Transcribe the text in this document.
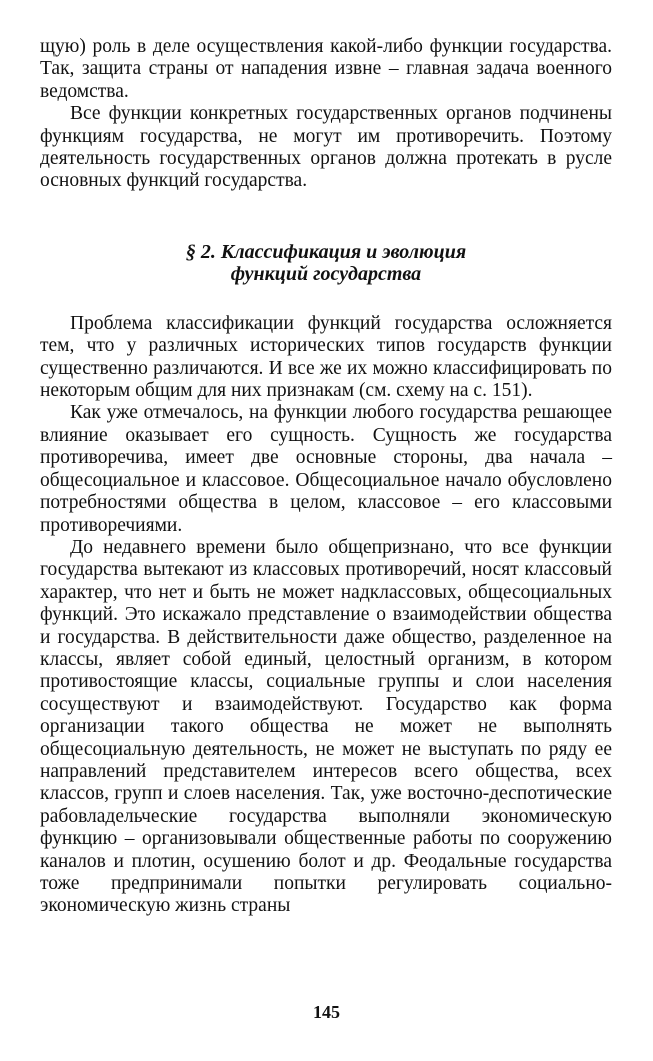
щую) роль в деле осуществления какой-либо функции государства. Так, защита страны от нападения извне – главная задача военного ведомства.

Все функции конкретных государственных органов подчинены функциям государства, не могут им противоречить. Поэтому деятельность государственных органов должна протекать в русле основных функций государства.

§ 2. Классификация и эволюция
функций государства

Проблема классификации функций государства осложняется тем, что у различных исторических типов государств функции существенно различаются. И все же их можно классифицировать по некоторым общим для них признакам (см. схему на с. 151).

Как уже отмечалось, на функции любого государства решающее влияние оказывает его сущность. Сущность же государства противоречива, имеет две основные стороны, два начала – общесоциальное и классовое. Общесоциальное начало обусловлено потребностями общества в целом, классовое – его классовыми противоречиями.

До недавнего времени было общепризнано, что все функции государства вытекают из классовых противоречий, носят классовый характер, что нет и быть не может надклассовых, общесоциальных функций. Это искажало представление о взаимодействии общества и государства. В действительности даже общество, разделенное на классы, являет собой единый, целостный организм, в котором противостоящие классы, социальные группы и слои населения сосуществуют и взаимодействуют. Государство как форма организации такого общества не может не выполнять общесоциальную деятельность, не может не выступать по ряду ее направлений представителем интересов всего общества, всех классов, групп и слоев населения. Так, уже восточно-деспотические рабовладельческие государства выполняли экономическую функцию – организовывали общественные работы по сооружению каналов и плотин, осушению болот и др. Феодальные государства тоже предпринимали попытки регулировать социально-экономическую жизнь страны

145
